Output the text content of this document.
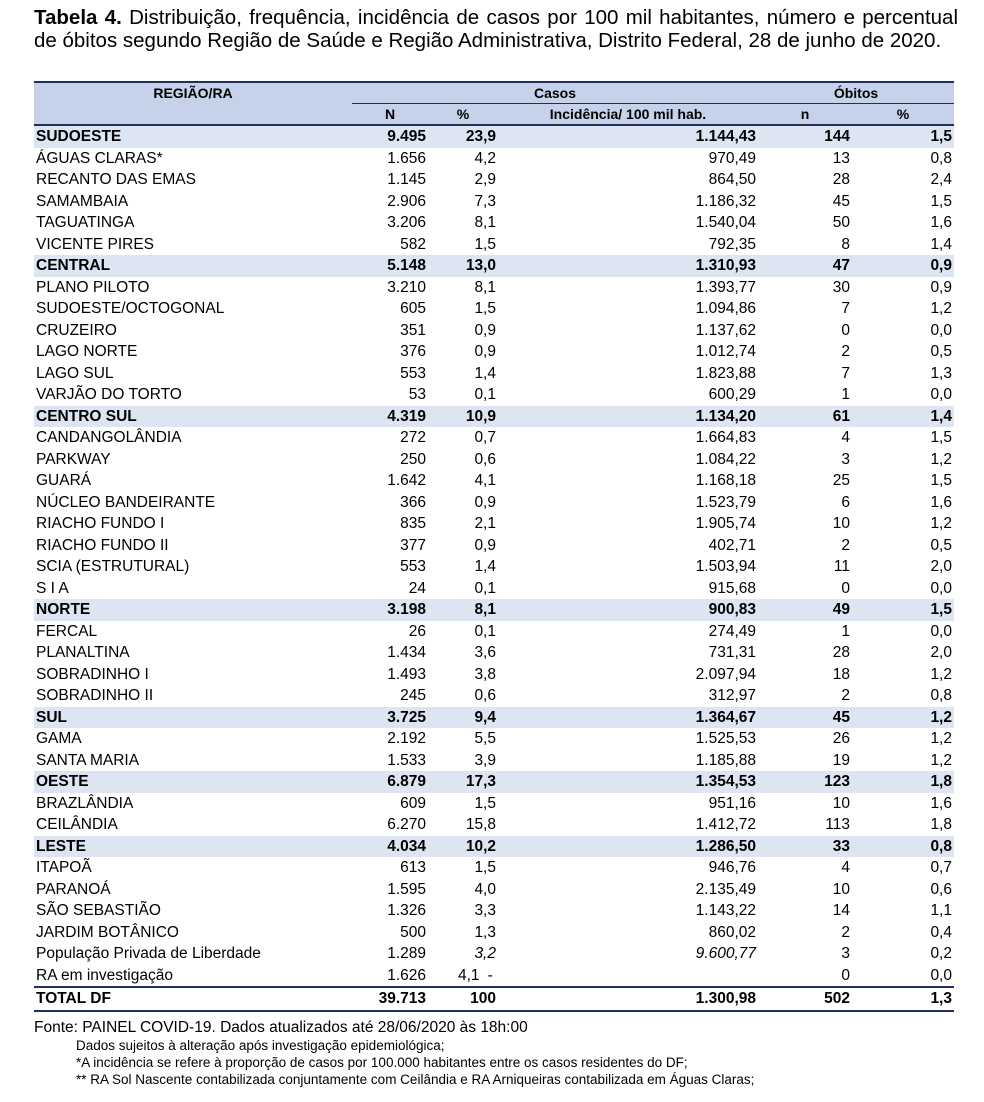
Tabela 4. Distribuição, frequência, incidência de casos por 100 mil habitantes, número e percentual de óbitos segundo Região de Saúde e Região Administrativa, Distrito Federal, 28 de junho de 2020.
REGIÃO/RA	Casos			Óbitos	
	N	%	Incidência/ 100 mil hab.	n	%
SUDOESTE	9.495	23,9	1.144,43	144	1,5
ÁGUAS CLARAS*	1.656	4,2	970,49	13	0,8
RECANTO DAS EMAS	1.145	2,9	864,50	28	2,4
SAMAMBAIA	2.906	7,3	1.186,32	45	1,5
TAGUATINGA	3.206	8,1	1.540,04	50	1,6
VICENTE PIRES	582	1,5	792,35	8	1,4
CENTRAL	5.148	13,0	1.310,93	47	0,9
PLANO PILOTO	3.210	8,1	1.393,77	30	0,9
SUDOESTE/OCTOGONAL	605	1,5	1.094,86	7	1,2
CRUZEIRO	351	0,9	1.137,62	0	0,0
LAGO NORTE	376	0,9	1.012,74	2	0,5
LAGO SUL	553	1,4	1.823,88	7	1,3
VARJÃO DO TORTO	53	0,1	600,29	1	0,0
CENTRO SUL	4.319	10,9	1.134,20	61	1,4
CANDANGOLÂNDIA	272	0,7	1.664,83	4	1,5
PARKWAY	250	0,6	1.084,22	3	1,2
GUARÁ	1.642	4,1	1.168,18	25	1,5
NÚCLEO BANDEIRANTE	366	0,9	1.523,79	6	1,6
RIACHO FUNDO I	835	2,1	1.905,74	10	1,2
RIACHO FUNDO II	377	0,9	402,71	2	0,5
SCIA (ESTRUTURAL)	553	1,4	1.503,94	11	2,0
S I A	24	0,1	915,68	0	0,0
NORTE	3.198	8,1	900,83	49	1,5
FERCAL	26	0,1	274,49	1	0,0
PLANALTINA	1.434	3,6	731,31	28	2,0
SOBRADINHO I	1.493	3,8	2.097,94	18	1,2
SOBRADINHO II	245	0,6	312,97	2	0,8
SUL	3.725	9,4	1.364,67	45	1,2
GAMA	2.192	5,5	1.525,53	26	1,2
SANTA MARIA	1.533	3,9	1.185,88	19	1,2
OESTE	6.879	17,3	1.354,53	123	1,8
BRAZLÂNDIA	609	1,5	951,16	10	1,6
CEILÂNDIA	6.270	15,8	1.412,72	113	1,8
LESTE	4.034	10,2	1.286,50	33	0,8
ITAPOÃ	613	1,5	946,76	4	0,7
PARANOÁ	1.595	4,0	2.135,49	10	0,6
SÃO SEBASTIÃO	1.326	3,3	1.143,22	14	1,1
JARDIM BOTÂNICO	500	1,3	860,02	2	0,4
População Privada de Liberdade	1.289	3,2	9.600,77	3	0,2
RA em investigação	1.626	4,1 -		0	0,0
TOTAL DF	39.713	100	1.300,98	502	1,3
Fonte: PAINEL COVID-19. Dados atualizados até 28/06/2020 às 18h:00
Dados sujeitos à alteração após investigação epidemiológica;
*A incidência se refere à proporção de casos por 100.000 habitantes entre os casos residentes do DF;
** RA Sol Nascente contabilizada conjuntamente com Ceilândia e RA Arniqueiras contabilizada em Águas Claras;
